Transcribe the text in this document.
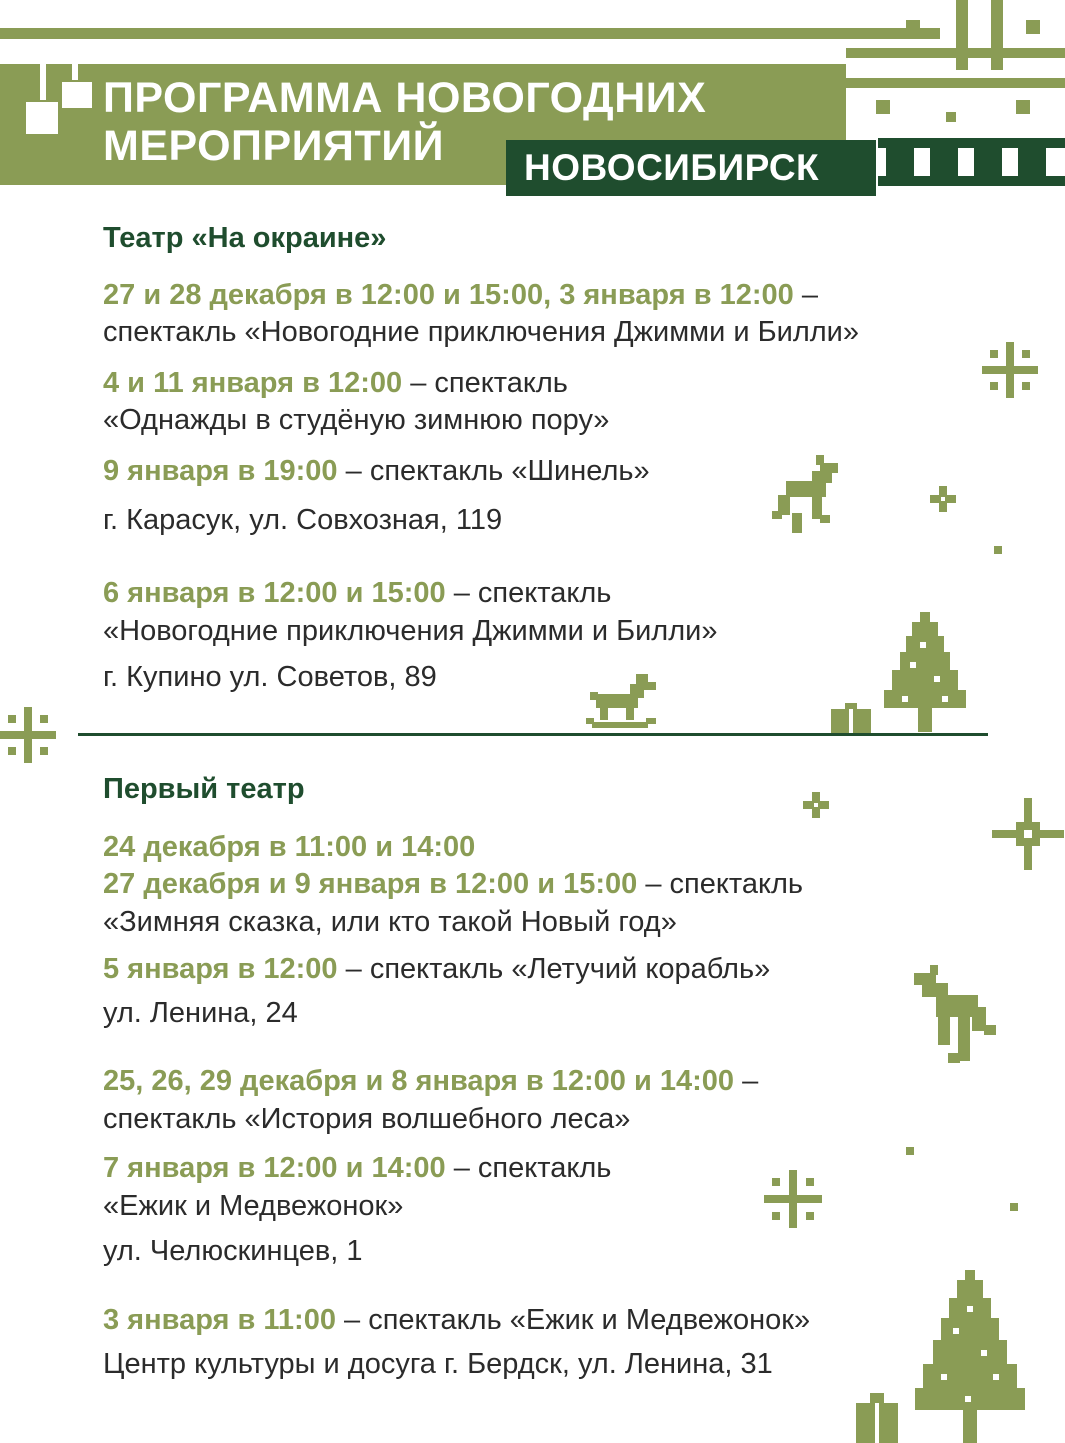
ПРОГРАММА НОВОГОДНИХ
МЕРОПРИЯТИЙ	НОВОСИБИРСК
Театр «На окраине»
27 и 28 декабря в 12:00 и 15:00, 3 января в 12:00 –
спектакль «Новогодние приключения Джимми и Билли»
4 и 11 января в 12:00 – спектакль
«Однажды в студёную зимнюю пору»
9 января в 19:00 – спектакль «Шинель»
г. Карасук, ул. Совхозная, 119
6 января в 12:00 и 15:00 – спектакль
«Новогодние приключения Джимми и Билли»
г. Купино ул. Советов, 89
Первый театр
24 декабря в 11:00 и 14:00
27 декабря и 9 января в 12:00 и 15:00 – спектакль
«Зимняя сказка, или кто такой Новый год»
5 января в 12:00 – спектакль «Летучий корабль»
ул. Ленина, 24
25, 26, 29 декабря и 8 января в 12:00 и 14:00 –
спектакль «История волшебного леса»
7 января в 12:00 и 14:00 – спектакль
«Ежик и Медвежонок»
ул. Челюскинцев, 1
3 января в 11:00 – спектакль «Ежик и Медвежонок»
Центр культуры и досуга г. Бердск, ул. Ленина, 31
